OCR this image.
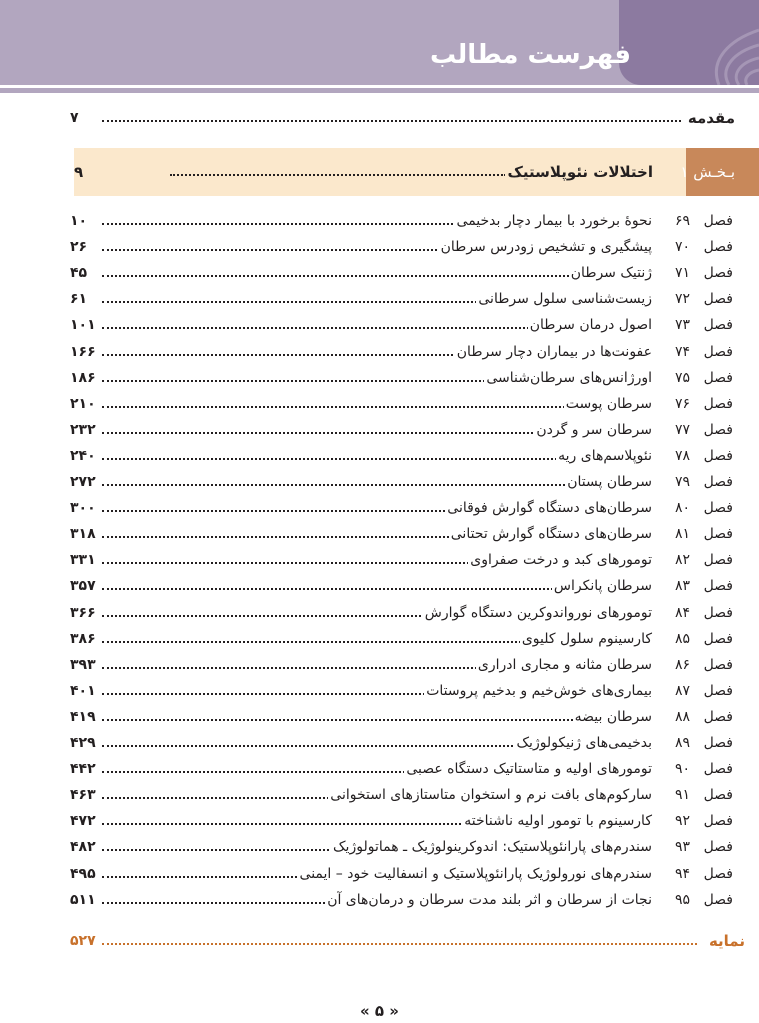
فهرست مطالب
مقدمه
۷
اختلالات نئوپلاستیک
۹	بـخـش ۱
فصل
۶۹
نحوهٔ برخورد با بیمار دچار بدخیمی
۱۰
فصل
۷۰
پیشگیری و تشخیص زودرس سرطان
۲۶
فصل
۷۱
ژنتیک سرطان
۴۵
فصل
۷۲
زیست‌شناسی سلول سرطانی
۶۱
فصل
۷۳
اصول درمان سرطان
۱۰۱
فصل
۷۴
عفونت‌ها در بیماران دچار سرطان
۱۶۶
فصل
۷۵
اورژانس‌های سرطان‌شناسی
۱۸۶
فصل
۷۶
سرطان پوست
۲۱۰
فصل
۷۷
سرطان سر و گردن
۲۳۲
فصل
۷۸
نئوپلاسم‌های ریه
۲۴۰
فصل
۷۹
سرطان پستان
۲۷۲
فصل
۸۰
سرطان‌های دستگاه گوارش فوقانی
۳۰۰
فصل
۸۱
سرطان‌های دستگاه گوارش تحتانی
۳۱۸
فصل
۸۲
تومورهای کبد و درخت صفراوی
۳۳۱
فصل
۸۳
سرطان پانکراس
۳۵۷
فصل
۸۴
تومورهای نورواندوکرین دستگاه گوارش
۳۶۶
فصل
۸۵
کارسینوم سلول کلیوی
۳۸۶
فصل
۸۶
سرطان مثانه و مجاری ادراری
۳۹۳
فصل
۸۷
بیماری‌های خوش‌خیم و بدخیم پروستات
۴۰۱
فصل
۸۸
سرطان بیضه
۴۱۹
فصل
۸۹
بدخیمی‌های ژنیکولوژیک
۴۲۹
فصل
۹۰
تومورهای اولیه و متاستاتیک دستگاه عصبی
۴۴۲
فصل
۹۱
سارکوم‌های بافت نرم و استخوان متاستازهای استخوانی
۴۶۳
فصل
۹۲
کارسینوم با تومور اولیه ناشناخته
۴۷۲
فصل
۹۳
سندرم‌های پارانئوپلاستیک: اندوکرینولوژیک ـ هماتولوژیک
۴۸۲
فصل
۹۴
سندرم‌های نورولوژیک پارانئوپلاستیک و انسفالیت خود – ایمنی
۴۹۵
فصل
۹۵
نجات از سرطان و اثر بلند مدت سرطان و درمان‌های آن
۵۱۱
نمایه
۵۲۷
« ۵ »
